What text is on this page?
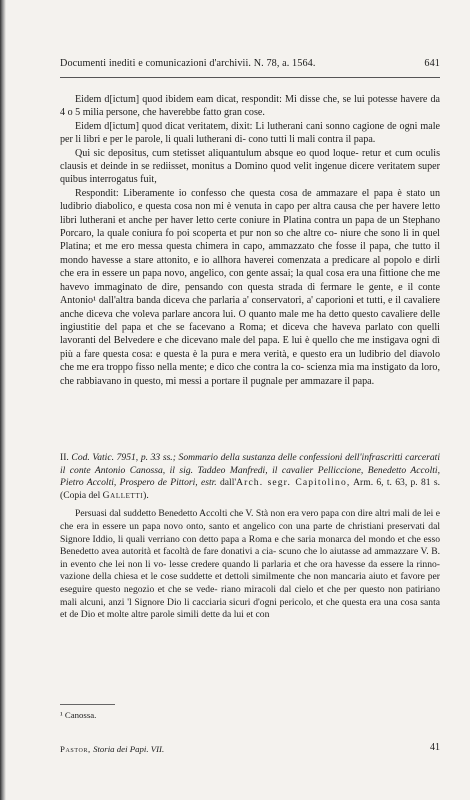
Documenti inediti e comunicazioni d'archivii. N. 78, a. 1564.	641

Eidem d[ictum] quod ibidem eam dicat, respondit: Mi disse che, se lui potesse havere da 4 o 5 milia persone, che haverebbe fatto gran cose.

Eidem d[ictum] quod dicat veritatem, dixit: Li lutherani cani sonno cagione de ogni male per li libri e per le parole, li quali lutherani di- cono tutti li mali contra il papa.

Qui sic depositus, cum stetisset aliquantulum absque eo quod loque- retur et cum oculis clausis et deinde in se rediisset, monitus a Domino quod velit ingenue dicere veritatem super quibus interrogatus fuit,

Respondit: Liberamente io confesso che questa cosa de ammazare el papa è stato un ludibrio diabolico, e questa cosa non mi è venuta in capo per altra causa che per havere letto libri lutherani et anche per haver letto certe coniure in Platina contra un papa de un Stephano Porcaro, la quale coniura fo poi scoperta et pur non so che altre co- niure che sono li in quel Platina; et me ero messa questa chimera in capo, ammazzato che fosse il papa, che tutto il mondo havesse a stare attonito, e io allhora haverei comenzata a predicare al popolo e dirli che era in essere un papa novo, angelico, con gente assai; la qual cosa era una fittione che me havevo immaginato de dire, pensando con questa strada di fermare le gente, e il conte Antonio¹ dall'altra banda diceva che parlaria a' conservatori, a' caporioni et tutti, e il cavaliere anche diceva che voleva parlare ancora lui. O quanto male me ha detto questo cavaliere delle ingiustitie del papa et che se facevano a Roma; et diceva che haveva parlato con quelli lavoranti del Belvedere e che dicevano male del papa. E lui è quello che me instigava ogni dì più a fare questa cosa: e questa è la pura e mera verità, e questo era un ludibrio del diavolo che me era troppo fisso nella mente; e dico che contra la co- scienza mia ma instigato da loro, che rabbiavano in questo, mi messi a portare il pugnale per ammazare il papa.

II. Cod. Vatic. 7951, p. 33 ss.; Sommario della sustanza delle confessioni dell'infrascritti carcerati il conte Antonio Canossa, il sig. Taddeo Manfredi, il cavalier Pelliccione, Benedetto Accolti, Pietro Accolti, Prospero de Pittori, estr. dall'Arch. segr. Capitolino, Arm. 6, t. 63, p. 81 s. (Copia del Galletti).

Persuasi dal suddetto Benedetto Accolti che V. Stà non era vero papa con dire altri mali de lei e che era in essere un papa novo onto, santo et angelico con una parte de christiani preservati dal Signore Iddio, li quali verriano con detto papa a Roma e che saria monarca del mondo et che esso Benedetto avea autorità et facoltà de fare donativi a cia- scuno che lo aiutasse ad ammazzare V. B. in evento che lei non li vo- lesse credere quando li parlaria et che ora havesse da essere la rinno- vazione della chiesa et le cose suddette et dettoli similmente che non mancaria aiuto et favore per eseguire questo negozio et che se vede- riano miracoli dal cielo et che per questo non patiriano mali alcuni, anzi 'l Signore Dio li cacciaria sicuri d'ogni pericolo, et che questa era una cosa santa et de Dio et molte altre parole simili dette da lui et con

¹ Canossa.
Pastor, Storia dei Papi. VII.	41
